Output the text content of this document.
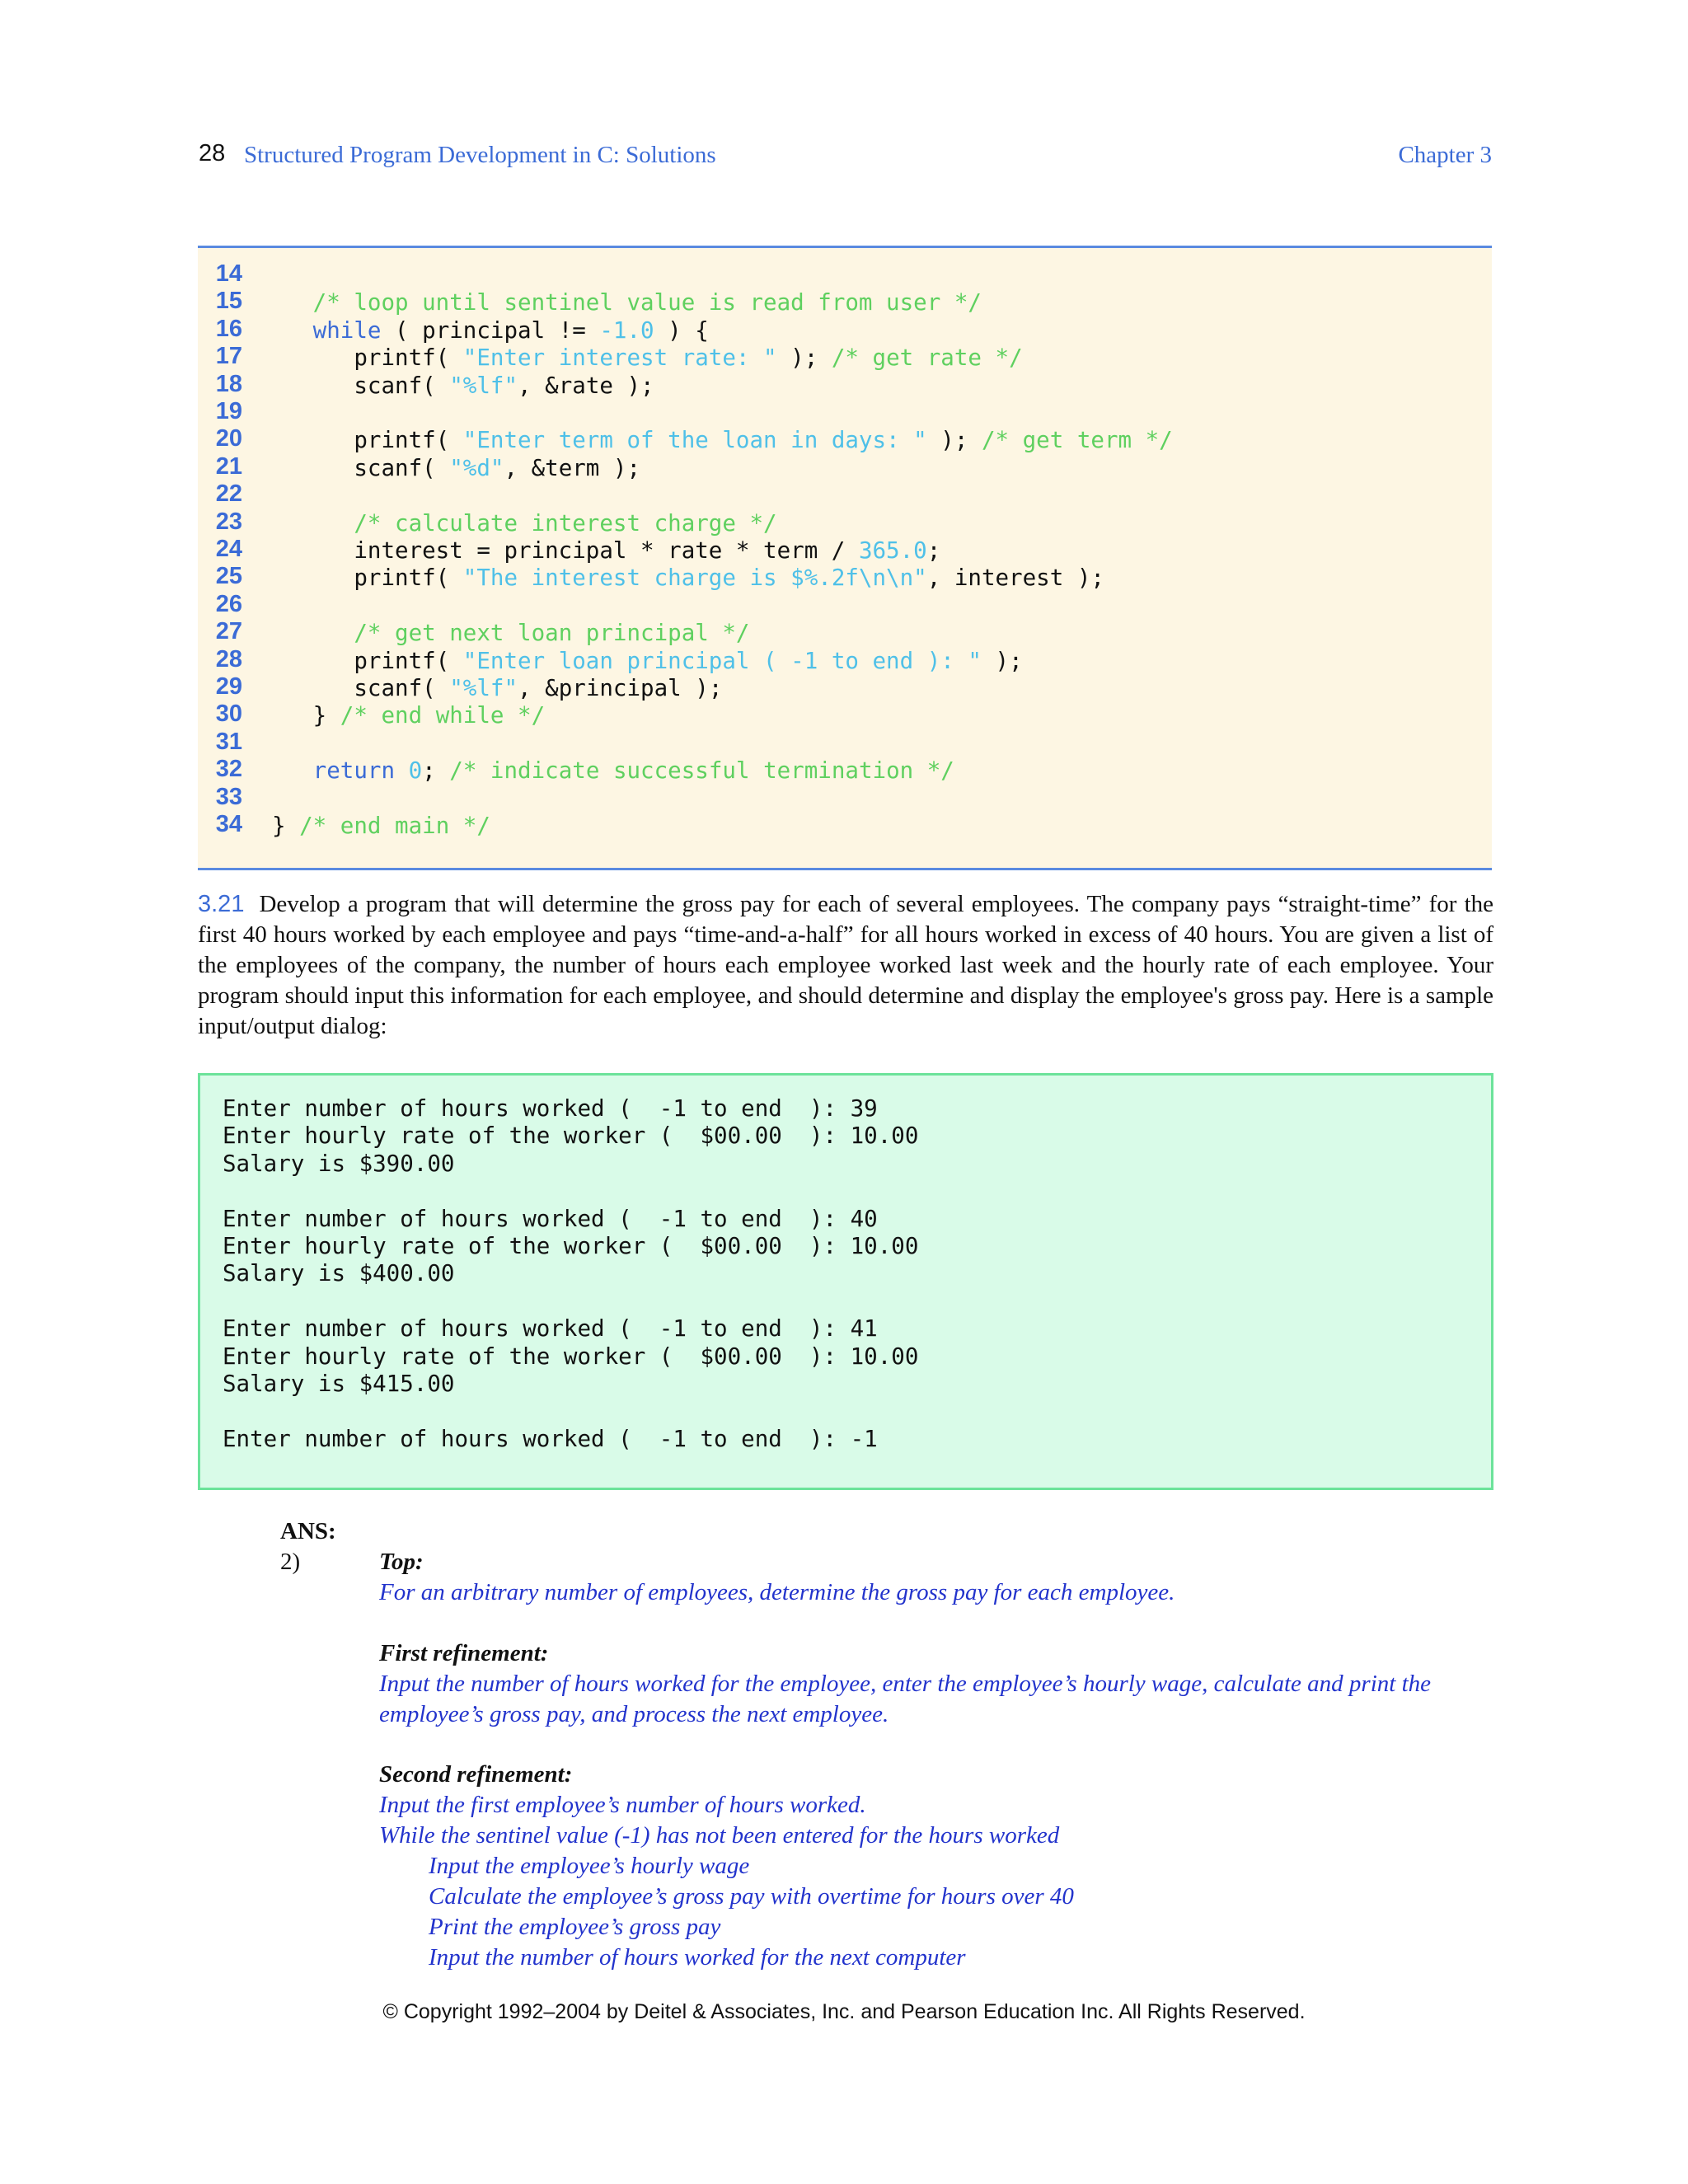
28 Structured Program Development in C: Solutions	Chapter 3
14
15	/* loop until sentinel value is read from user */
16	while ( principal != -1.0 ) {
17 printf( "Enter interest rate: " ); /* get rate */
18 scanf( "%lf", &rate );
19
20 printf( "Enter term of the loan in days: " ); /* get term */
21 scanf( "%d", &term );
22
23	/* calculate interest charge */
24 interest = principal * rate * term / 365.0;
25 printf( "The interest charge is $%.2f\n\n", interest );
26
27	/* get next loan principal */
28 printf( "Enter loan principal ( -1 to end ): " );
29 scanf( "%lf", &principal );
30 } /* end while */
31
32	return 0; /* indicate successful termination */
33
34 } /* end main */
3.21 Develop a program that will determine the gross pay for each of several employees. The company pays “straight-time” for the first 40 hours worked by each employee and pays “time-and-a-half” for all hours worked in excess of 40 hours. You are given a list of the employees of the company, the number of hours each employee worked last week and the hourly rate of each employee. Your program should input this information for each employee, and should determine and display the employee's gross pay. Here is a sample input/output dialog:
Enter number of hours worked (  -1 to end  ): 39
Enter hourly rate of the worker (  $00.00  ): 10.00
Salary is $390.00
Enter number of hours worked (  -1 to end  ): 40
Enter hourly rate of the worker (  $00.00  ): 10.00
Salary is $400.00
Enter number of hours worked (  -1 to end  ): 41
Enter hourly rate of the worker (  $00.00  ): 10.00
Salary is $415.00
Enter number of hours worked (  -1 to end  ): -1
ANS:
2)	Top:
For an arbitrary number of employees, determine the gross pay for each employee.
First refinement:
Input the number of hours worked for the employee, enter the employee’s hourly wage, calculate and print the
employee’s gross pay, and process the next employee.
Second refinement:
Input the first employee’s number of hours worked.
While the sentinel value (-1) has not been entered for the hours worked
Input the employee’s hourly wage
Calculate the employee’s gross pay with overtime for hours over 40
Print the employee’s gross pay
Input the number of hours worked for the next computer
© Copyright 1992–2004 by Deitel & Associates, Inc. and Pearson Education Inc. All Rights Reserved.
